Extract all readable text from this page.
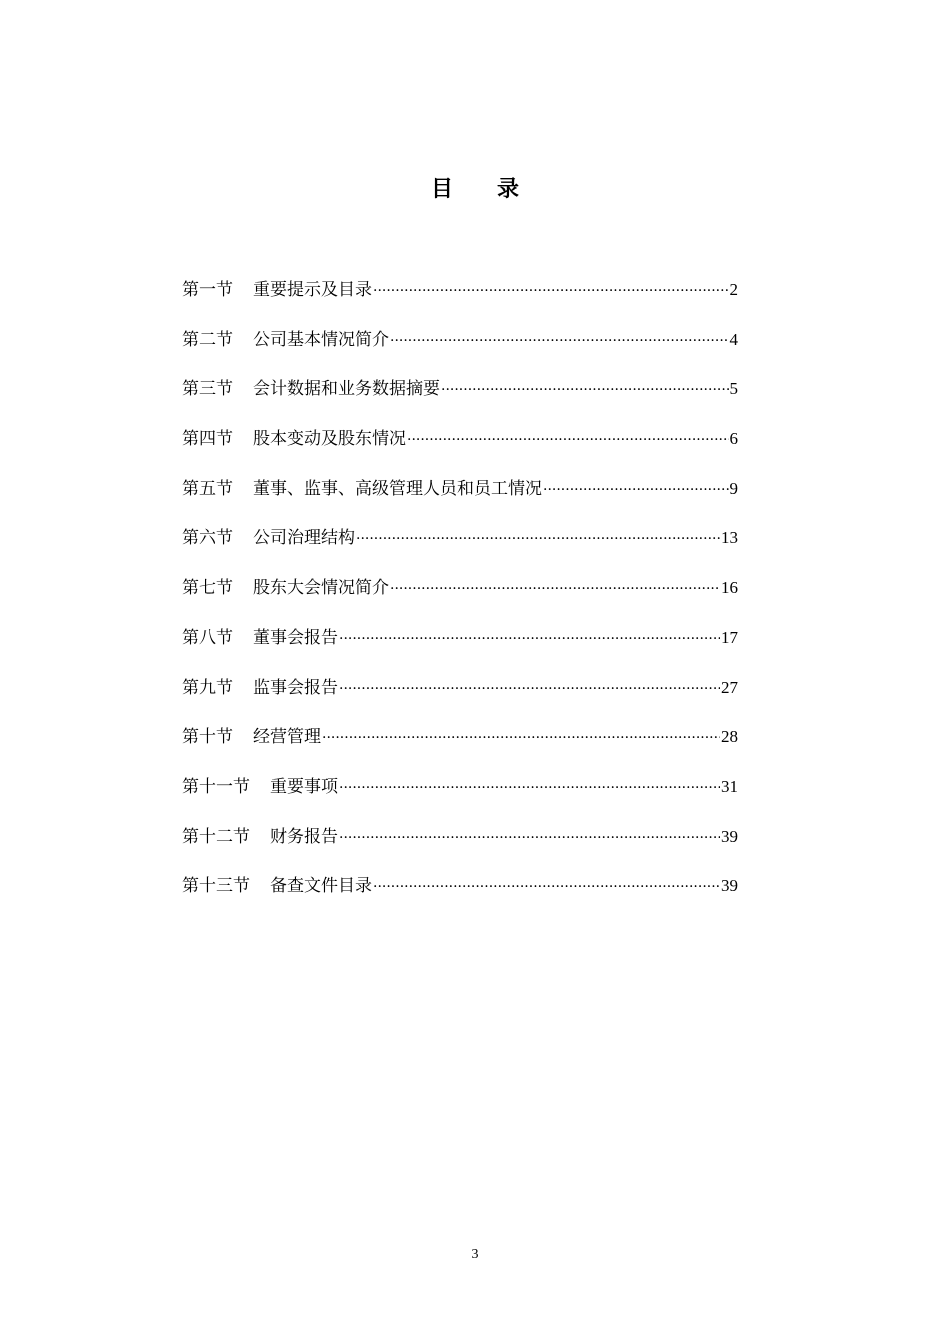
目 录
第一节 重要提示及目录 ·····	2
第二节 公司基本情况简介 ·····	4
第三节 会计数据和业务数据摘要 ·····	5
第四节 股本变动及股东情况 ·····	6
第五节 董事、监事、高级管理人员和员工情况 ·····	9
第六节 公司治理结构 ·····	13
第七节 股东大会情况简介 ·····	16
第八节 董事会报告 ·····	17
第九节 监事会报告 ·····	27
第十节 经营管理 ·····	28
第十一节 重要事项 ·····	31
第十二节 财务报告 ·····	39
第十三节 备查文件目录 ·····	39
3
